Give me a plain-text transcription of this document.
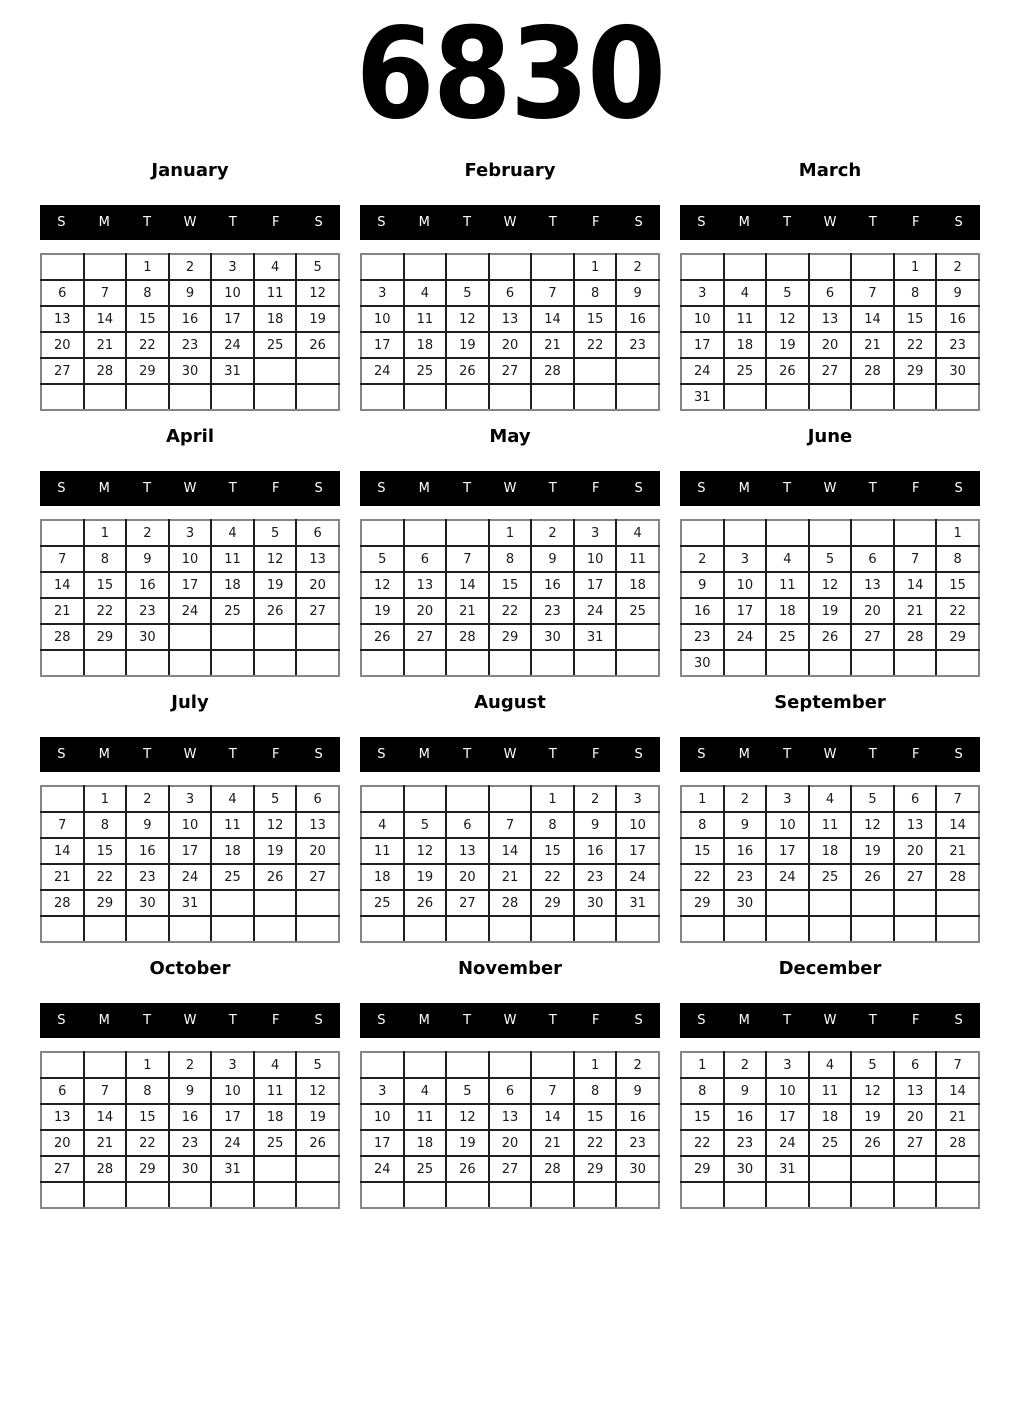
6830
January
S	M	T	W	T	F	S
		1	2	3	4	5
6	7	8	9	10	11	12
13	14	15	16	17	18	19
20	21	22	23	24	25	26
27	28	29	30	31		

February
S	M	T	W	T	F	S
					1	2
3	4	5	6	7	8	9
10	11	12	13	14	15	16
17	18	19	20	21	22	23
24	25	26	27	28		

March
S	M	T	W	T	F	S
					1	2
3	4	5	6	7	8	9
10	11	12	13	14	15	16
17	18	19	20	21	22	23
24	25	26	27	28	29	30
31						
April
S	M	T	W	T	F	S
	1	2	3	4	5	6
7	8	9	10	11	12	13
14	15	16	17	18	19	20
21	22	23	24	25	26	27
28	29	30				

May
S	M	T	W	T	F	S
			1	2	3	4
5	6	7	8	9	10	11
12	13	14	15	16	17	18
19	20	21	22	23	24	25
26	27	28	29	30	31	

June
S	M	T	W	T	F	S
						1
2	3	4	5	6	7	8
9	10	11	12	13	14	15
16	17	18	19	20	21	22
23	24	25	26	27	28	29
30						
July
S	M	T	W	T	F	S
	1	2	3	4	5	6
7	8	9	10	11	12	13
14	15	16	17	18	19	20
21	22	23	24	25	26	27
28	29	30	31			

August
S	M	T	W	T	F	S
				1	2	3
4	5	6	7	8	9	10
11	12	13	14	15	16	17
18	19	20	21	22	23	24
25	26	27	28	29	30	31

September
S	M	T	W	T	F	S
1	2	3	4	5	6	7
8	9	10	11	12	13	14
15	16	17	18	19	20	21
22	23	24	25	26	27	28
29	30					

October
S	M	T	W	T	F	S
		1	2	3	4	5
6	7	8	9	10	11	12
13	14	15	16	17	18	19
20	21	22	23	24	25	26
27	28	29	30	31		

November
S	M	T	W	T	F	S
					1	2
3	4	5	6	7	8	9
10	11	12	13	14	15	16
17	18	19	20	21	22	23
24	25	26	27	28	29	30

December
S	M	T	W	T	F	S
1	2	3	4	5	6	7
8	9	10	11	12	13	14
15	16	17	18	19	20	21
22	23	24	25	26	27	28
29	30	31				
